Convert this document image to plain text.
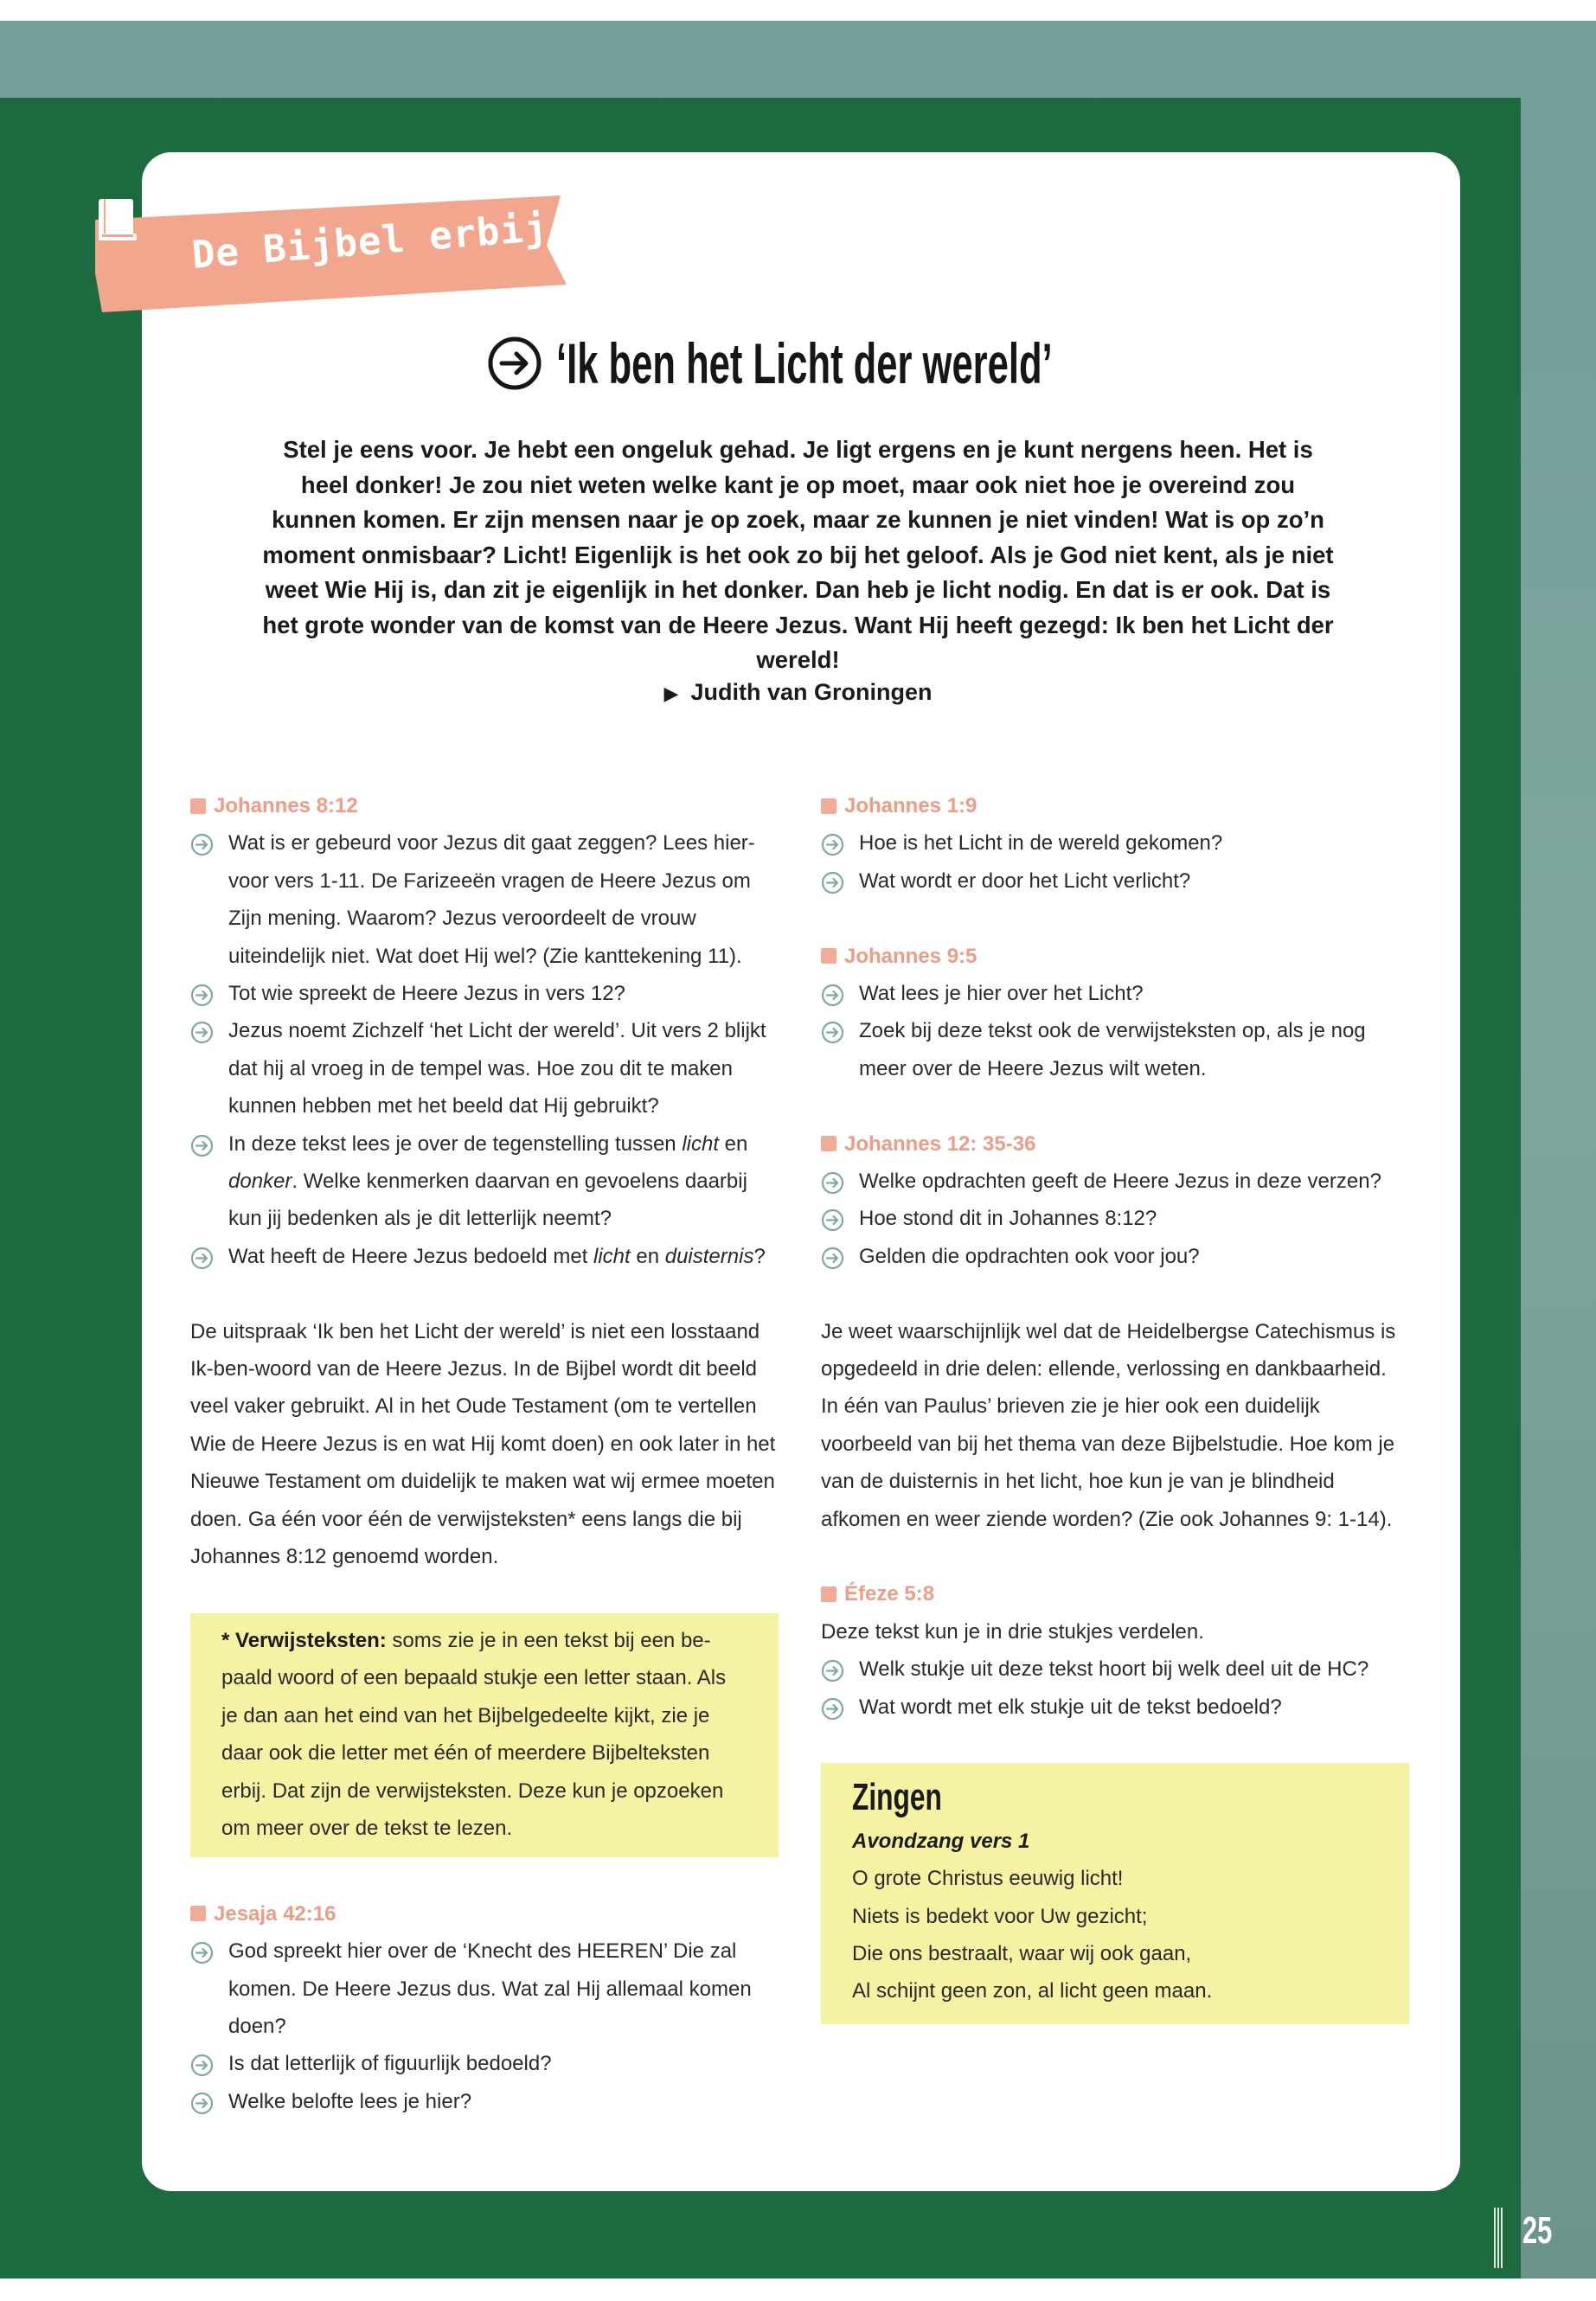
De Bijbel erbij
‘Ik ben het Licht der wereld’

Stel je eens voor. Je hebt een ongeluk gehad. Je ligt ergens en je kunt nergens heen. Het is heel donker! Je zou niet weten welke kant je op moet, maar ook niet hoe je overeind zou kunnen komen. Er zijn mensen naar je op zoek, maar ze kunnen je niet vinden! Wat is op zo’n moment onmisbaar? Licht! Eigenlijk is het ook zo bij het geloof. Als je God niet kent, als je niet weet Wie Hij is, dan zit je eigenlijk in het donker. Dan heb je licht nodig. En dat is er ook. Dat is het grote wonder van de komst van de Heere Jezus. Want Hij heeft gezegd: Ik ben het Licht der wereld!

▶ Judith van Groningen
Johannes 8:12
Wat is er gebeurd voor Jezus dit gaat zeggen? Lees hier- voor vers 1-11. De Farizeeën vragen de Heere Jezus om Zijn mening. Waarom? Jezus veroordeelt de vrouw uiteindelijk niet. Wat doet Hij wel? (Zie kanttekening 11).
Tot wie spreekt de Heere Jezus in vers 12?
Jezus noemt Zichzelf ‘het Licht der wereld’. Uit vers 2 blijkt dat hij al vroeg in de tempel was. Hoe zou dit te maken kunnen hebben met het beeld dat Hij gebruikt?
In deze tekst lees je over de tegenstelling tussen licht en donker. Welke kenmerken daarvan en gevoelens daarbij kun jij bedenken als je dit letterlijk neemt?
Wat heeft de Heere Jezus bedoeld met licht en duisternis?

De uitspraak ‘Ik ben het Licht der wereld’ is niet een losstaand Ik-ben-woord van de Heere Jezus. In de Bijbel wordt dit beeld veel vaker gebruikt. Al in het Oude Testament (om te vertellen Wie de Heere Jezus is en wat Hij komt doen) en ook later in het Nieuwe Testament om duidelijk te maken wat wij ermee moeten doen. Ga één voor één de verwijsteksten* eens langs die bij Johannes 8:12 genoemd worden.

* Verwijsteksten: soms zie je in een tekst bij een be- paald woord of een bepaald stukje een letter staan. Als je dan aan het eind van het Bijbelgedeelte kijkt, zie je daar ook die letter met één of meerdere Bijbelteksten erbij. Dat zijn de verwijsteksten. Deze kun je opzoeken om meer over de tekst te lezen.
Jesaja 42:16
God spreekt hier over de ‘Knecht des HEEREN’ Die zal komen. De Heere Jezus dus. Wat zal Hij allemaal komen doen?
Is dat letterlijk of figuurlijk bedoeld?
Welke belofte lees je hier?
Johannes 1:9
Hoe is het Licht in de wereld gekomen?
Wat wordt er door het Licht verlicht?
Johannes 9:5
Wat lees je hier over het Licht?
Zoek bij deze tekst ook de verwijsteksten op, als je nog meer over de Heere Jezus wilt weten.
Johannes 12: 35-36
Welke opdrachten geeft de Heere Jezus in deze verzen?
Hoe stond dit in Johannes 8:12?
Gelden die opdrachten ook voor jou?

Je weet waarschijnlijk wel dat de Heidelbergse Catechismus is opgedeeld in drie delen: ellende, verlossing en dankbaarheid. In één van Paulus’ brieven zie je hier ook een duidelijk voorbeeld van bij het thema van deze Bijbelstudie. Hoe kom je van de duisternis in het licht, hoe kun je van je blindheid afkomen en weer ziende worden? (Zie ook Johannes 9: 1-14).

Éfeze 5:8

Deze tekst kun je in drie stukjes verdelen.

Welk stukje uit deze tekst hoort bij welk deel uit de HC?
Wat wordt met elk stukje uit de tekst bedoeld?
Zingen
Avondzang vers 1
O grote Christus eeuwig licht!
Niets is bedekt voor Uw gezicht;
Die ons bestraalt, waar wij ook gaan,
Al schijnt geen zon, al licht geen maan.
25
